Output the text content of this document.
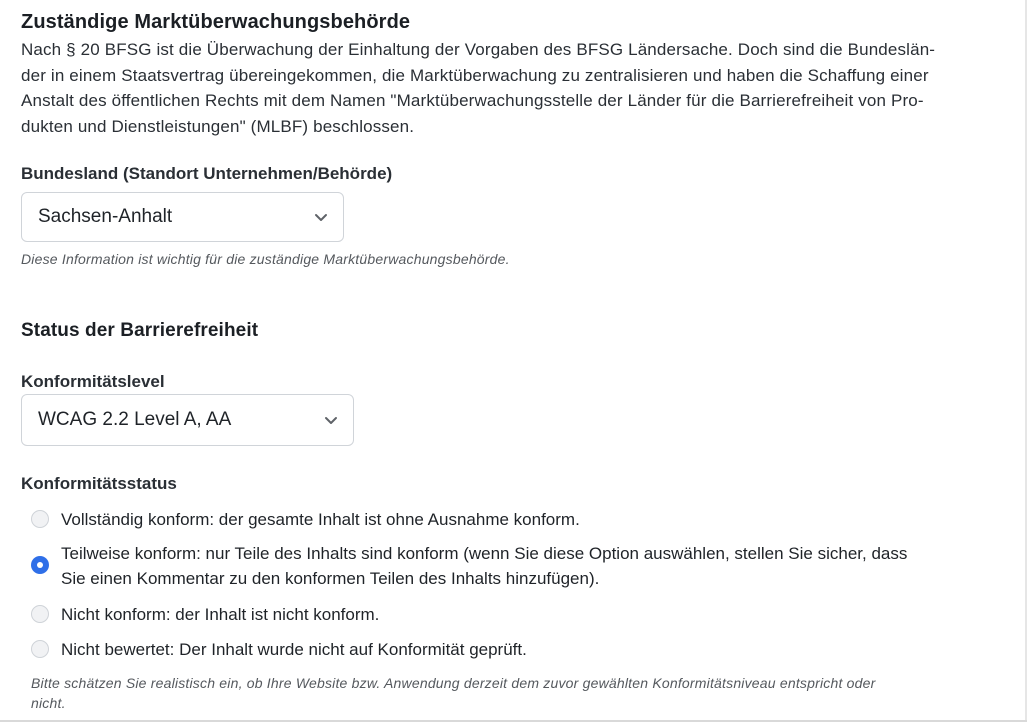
Zuständige Marktüberwachungsbehörde
Nach § 20 BFSG ist die Überwachung der Einhaltung der Vorgaben des BFSG Ländersache. Doch sind die Bundeslän-
der in einem Staatsvertrag übereingekommen, die Marktüberwachung zu zentralisieren und haben die Schaffung einer
Anstalt des öffentlichen Rechts mit dem Namen "Marktüberwachungsstelle der Länder für die Barrierefreiheit von Pro-
dukten und Dienstleistungen" (MLBF) beschlossen.
Bundesland (Standort Unternehmen/Behörde)
Sachsen-Anhalt
Diese Information ist wichtig für die zuständige Marktüberwachungsbehörde.
Status der Barrierefreiheit
Konformitätslevel
WCAG 2.2 Level A, AA
Konformitätsstatus
Vollständig konform: der gesamte Inhalt ist ohne Ausnahme konform.
Teilweise konform: nur Teile des Inhalts sind konform (wenn Sie diese Option auswählen, stellen Sie sicher, dass
Sie einen Kommentar zu den konformen Teilen des Inhalts hinzufügen).
Nicht konform: der Inhalt ist nicht konform.
Nicht bewertet: Der Inhalt wurde nicht auf Konformität geprüft.
Bitte schätzen Sie realistisch ein, ob Ihre Website bzw. Anwendung derzeit dem zuvor gewählten Konformitätsniveau entspricht oder
nicht.
